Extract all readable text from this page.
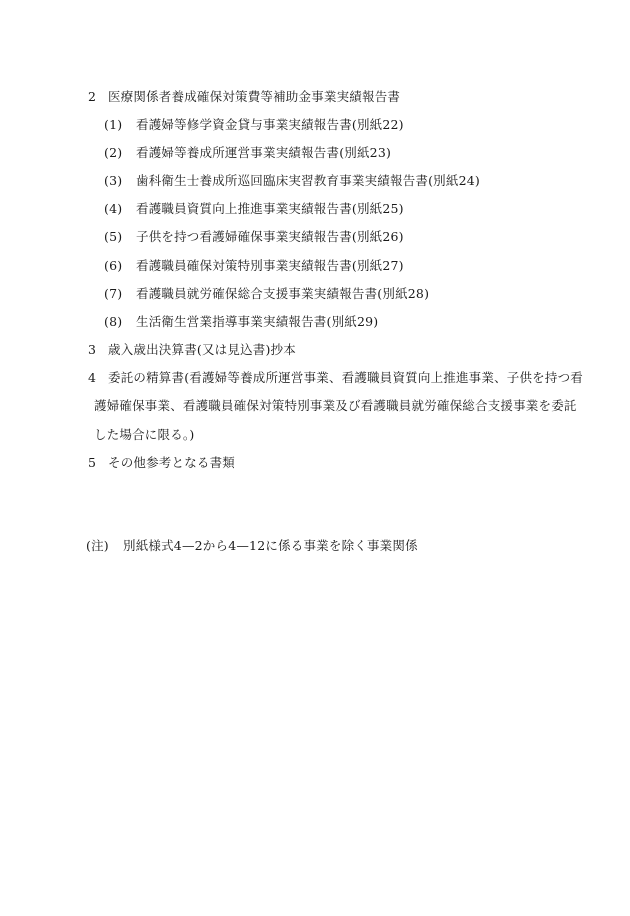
2 医療関係者養成確保対策費等補助金事業実績報告書
(1) 看護婦等修学資金貸与事業実績報告書(別紙22)
(2) 看護婦等養成所運営事業実績報告書(別紙23)
(3) 歯科衛生士養成所巡回臨床実習教育事業実績報告書(別紙24)
(4) 看護職員資質向上推進事業実績報告書(別紙25)
(5) 子供を持つ看護婦確保事業実績報告書(別紙26)
(6) 看護職員確保対策特別事業実績報告書(別紙27)
(7) 看護職員就労確保総合支援事業実績報告書(別紙28)
(8) 生活衛生営業指導事業実績報告書(別紙29)
3 歳入歳出決算書(又は見込書)抄本
4 委託の精算書(看護婦等養成所運営事業、看護職員資質向上推進事業、子供を持つ看
護婦確保事業、看護職員確保対策特別事業及び看護職員就労確保総合支援事業を委託
した場合に限る。)
5 その他参考となる書類
(注) 別紙様式4—2から4—12に係る事業を除く事業関係
